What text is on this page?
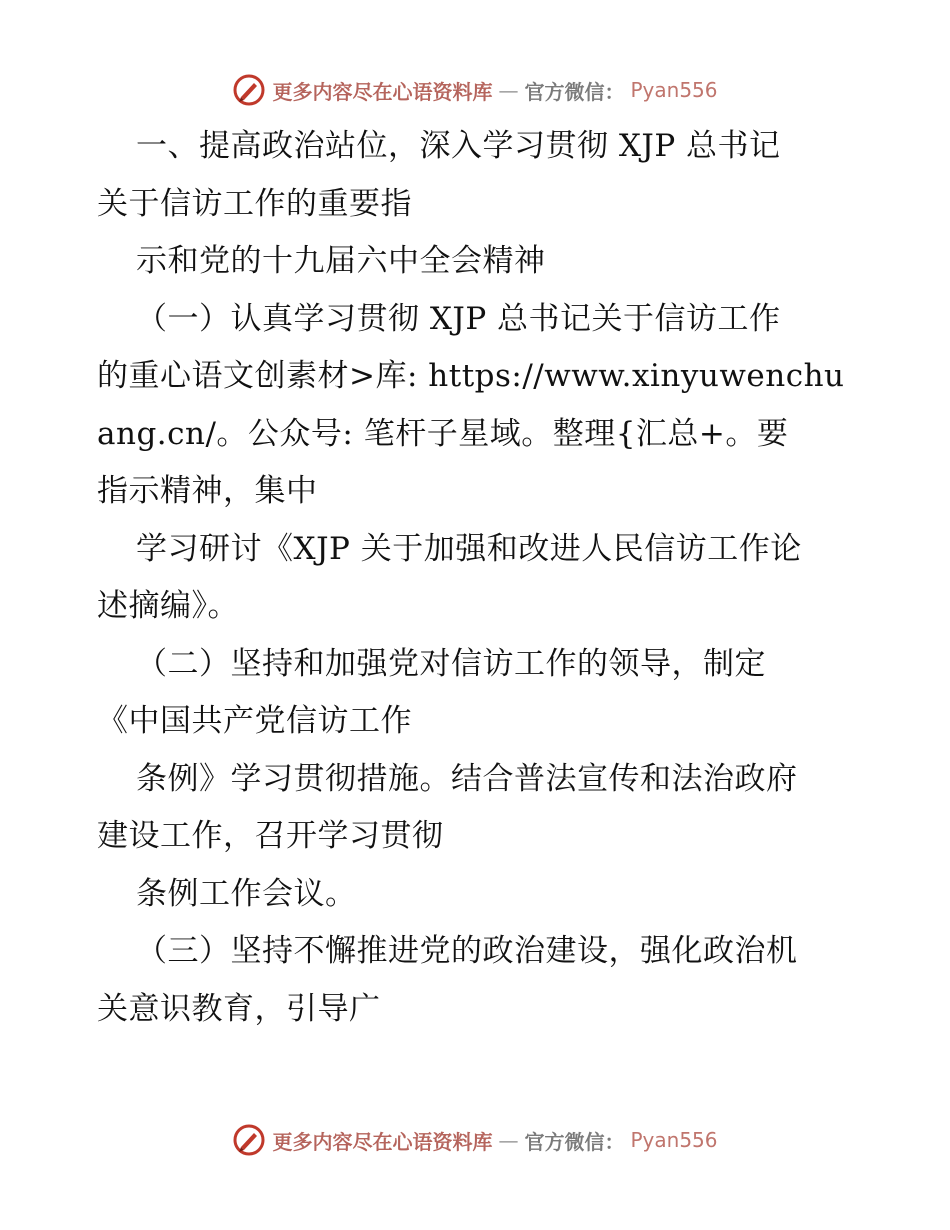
更多内容尽在心语资料库 — 官方微信： Pyan556
一、提高政治站位，深入学习贯彻 XJP 总书记
关于信访工作的重要指
示和党的十九届六中全会精神
（一）认真学习贯彻 XJP 总书记关于信访工作
的重心语文创素材>库: https://www.xinyuwenchu
ang.cn/。公众号: 笔杆子星域。整理{汇总+。要
指示精神，集中
学习研讨《XJP 关于加强和改进人民信访工作论
述摘编》。
（二）坚持和加强党对信访工作的领导，制定
《中国共产党信访工作
条例》学习贯彻措施。结合普法宣传和法治政府
建设工作，召开学习贯彻
条例工作会议。
（三）坚持不懈推进党的政治建设，强化政治机
关意识教育，引导广
更多内容尽在心语资料库 — 官方微信： Pyan556
